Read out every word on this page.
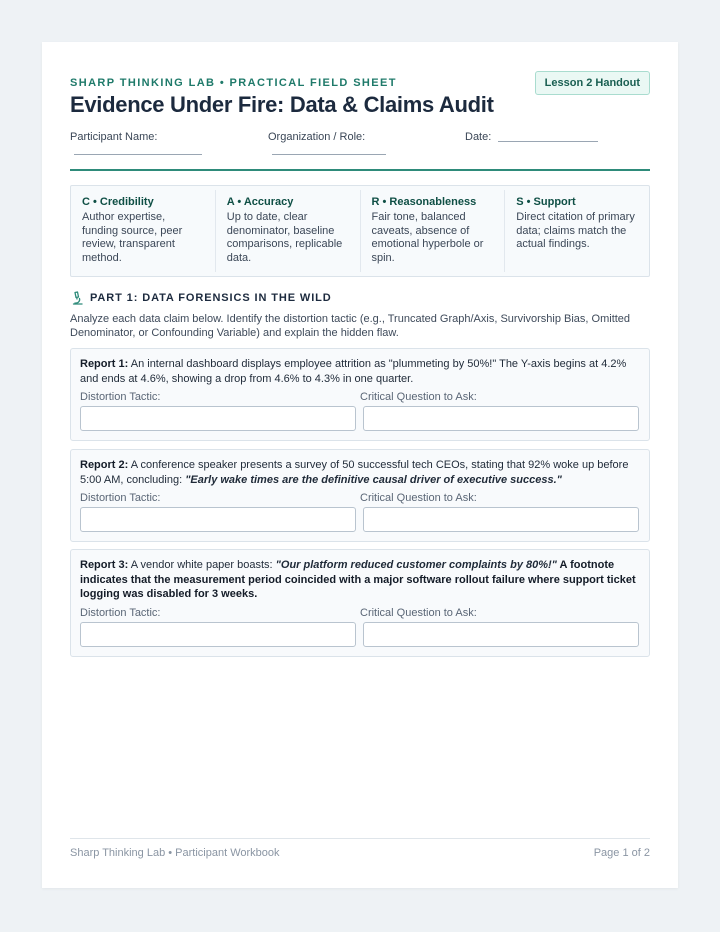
SHARP THINKING LAB • PRACTICAL FIELD SHEET	Lesson 2 Handout
Evidence Under Fire: Data & Claims Audit
Participant Name:	Organization / Role:	Date:
C • Credibility
Author expertise, funding source, peer review, transparent method.
A • Accuracy
Up to date, clear denominator, baseline comparisons, replicable data.
R • Reasonableness
Fair tone, balanced caveats, absence of emotional hyperbole or spin.
S • Support
Direct citation of primary data; claims match the actual findings.
PART 1: DATA FORENSICS IN THE WILD

Analyze each data claim below. Identify the distortion tactic (e.g., Truncated Graph/Axis, Survivorship Bias, Omitted Denominator, or Confounding Variable) and explain the hidden flaw.

Report 1: An internal dashboard displays employee attrition as "plummeting by 50%!" The Y-axis begins at 4.2% and ends at 4.6%, showing a drop from 4.6% to 4.3% in one quarter.

Distortion Tactic:	Critical Question to Ask:

Report 2: A conference speaker presents a survey of 50 successful tech CEOs, stating that 92% woke up before 5:00 AM, concluding: "Early wake times are the definitive causal driver of executive success."

Distortion Tactic:	Critical Question to Ask:

Report 3: A vendor white paper boasts: "Our platform reduced customer complaints by 80%!" A footnote indicates that the measurement period coincided with a major software rollout failure where support ticket logging was disabled for 3 weeks.

Distortion Tactic:	Critical Question to Ask:
Sharp Thinking Lab • Participant Workbook	Page 1 of 2
